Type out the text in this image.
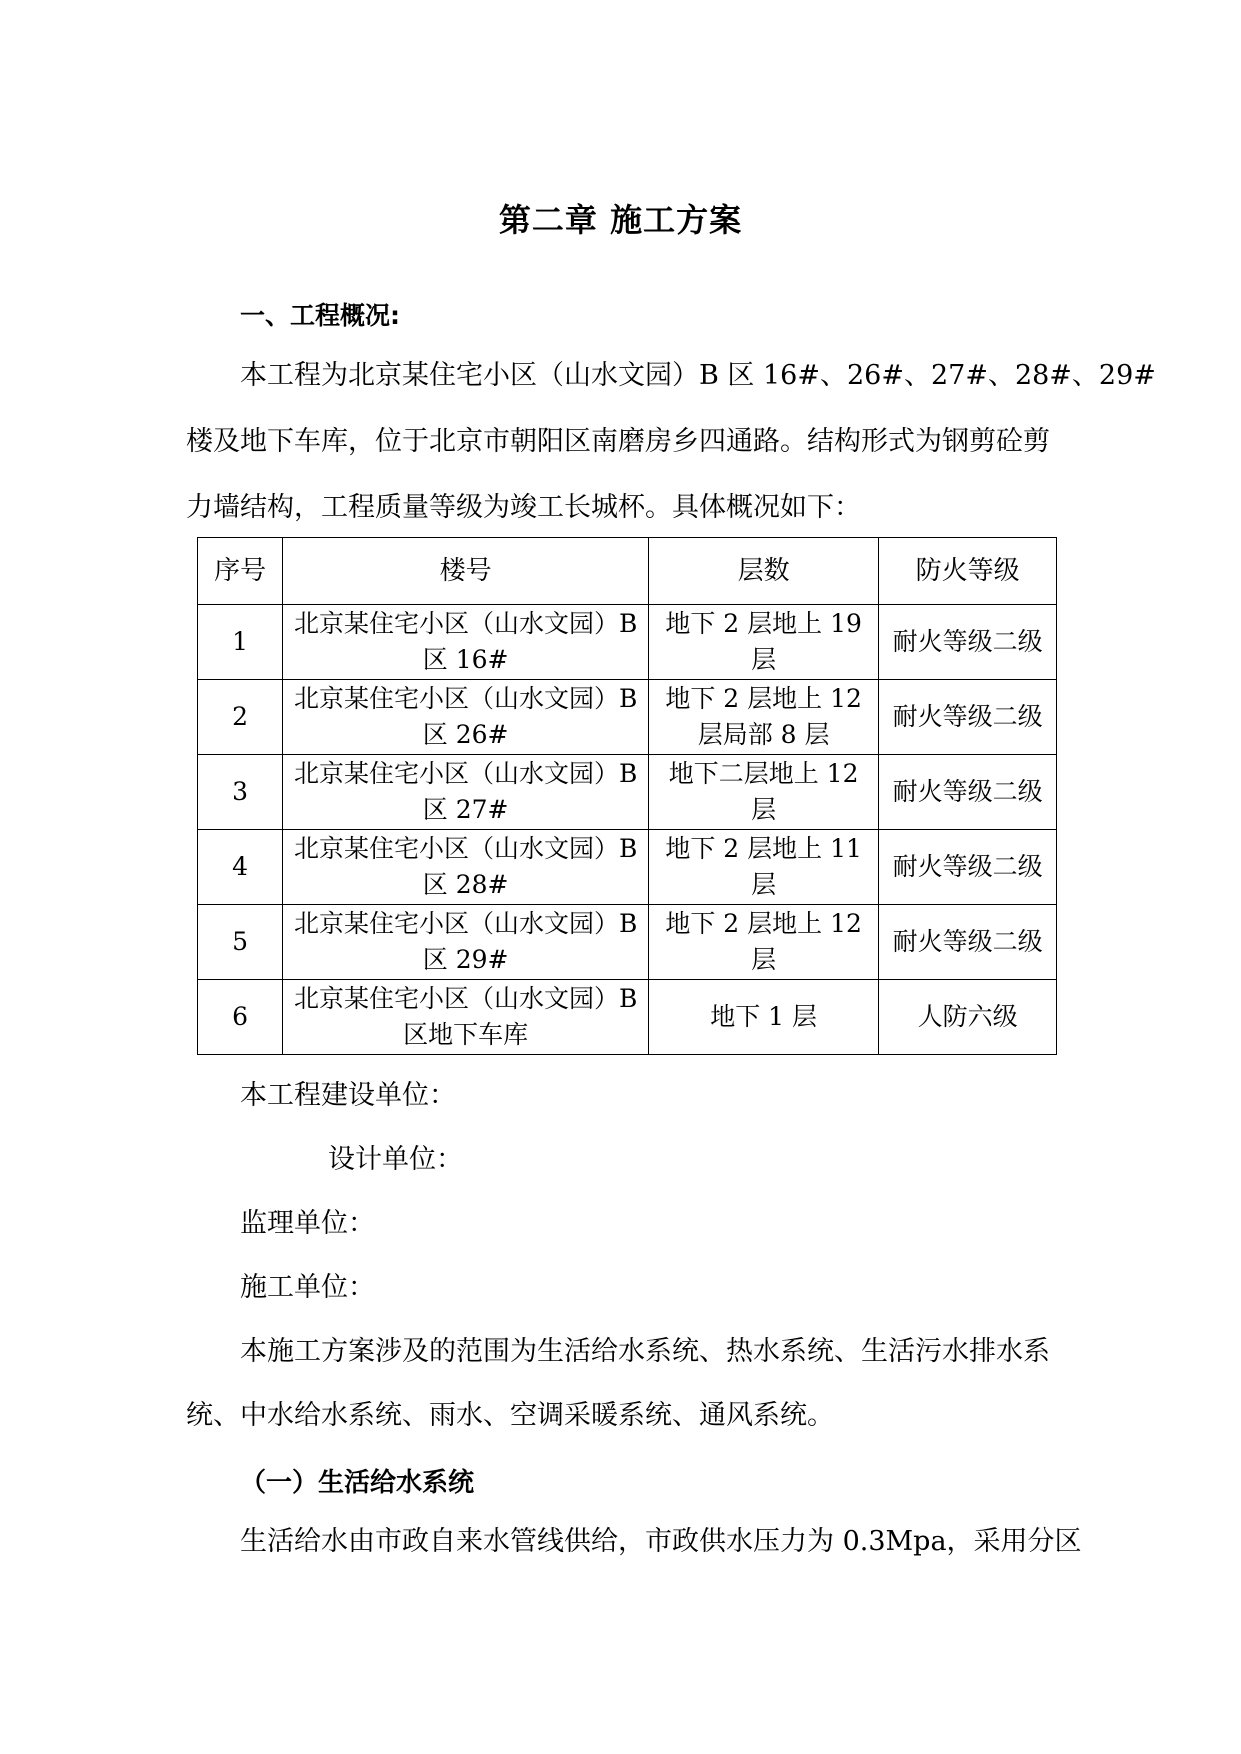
第二章 施工方案
一、工程概况:
本工程为北京某住宅小区（山水文园）B 区 16#、26#、27#、28#、29#
楼及地下车库，位于北京市朝阳区南磨房乡四通路。结构形式为钢剪砼剪
力墙结构，工程质量等级为竣工长城杯。具体概况如下：
序号	楼号	层数	防火等级
1	北京某住宅小区（山水文园）B 区 16#	地下 2 层地上 19 层	耐火等级二级
2	北京某住宅小区（山水文园）B 区 26#	地下 2 层地上 12 层局部 8 层	耐火等级二级
3	北京某住宅小区（山水文园）B 区 27#	地下二层地上 12 层	耐火等级二级
4	北京某住宅小区（山水文园）B 区 28#	地下 2 层地上 11 层	耐火等级二级
5	北京某住宅小区（山水文园）B 区 29#	地下 2 层地上 12 层	耐火等级二级
6	北京某住宅小区（山水文园）B 区地下车库	地下 1 层	人防六级
本工程建设单位：
设计单位：
监理单位：
施工单位：
本施工方案涉及的范围为生活给水系统、热水系统、生活污水排水系
统、中水给水系统、雨水、空调采暖系统、通风系统。
（一）生活给水系统
生活给水由市政自来水管线供给，市政供水压力为 0.3Mpa，采用分区
